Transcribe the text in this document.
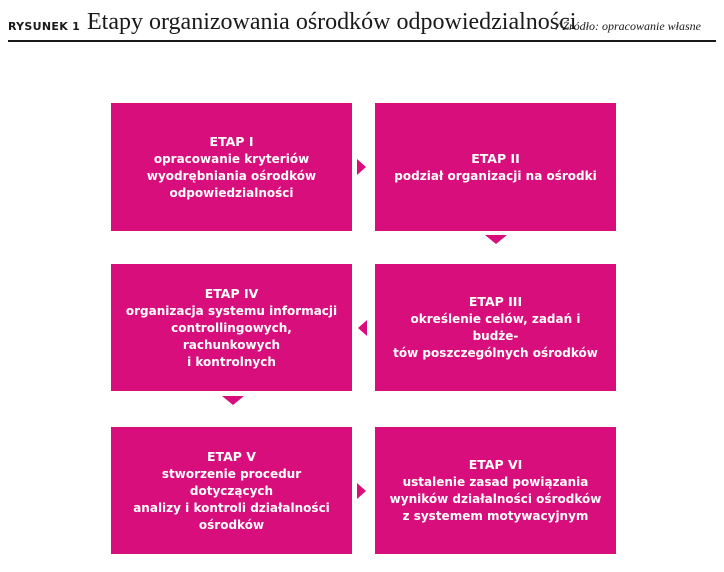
RYSUNEK 1 Etapy organizowania ośrodków odpowiedzialności
/ Źródło: opracowanie własne
ETAP I
opracowanie kryteriów
wyodrębniania ośrodków
odpowiedzialności
ETAP II
podział organizacji na ośrodki
ETAP IV
organizacja systemu informacji
controllingowych, rachunkowych
i kontrolnych
ETAP III
określenie celów, zadań i budże-
tów poszczególnych ośrodków
ETAP V
stworzenie procedur dotyczących
analizy i kontroli działalności
ośrodków
ETAP VI
ustalenie zasad powiązania
wyników działalności ośrodków
z systemem motywacyjnym
